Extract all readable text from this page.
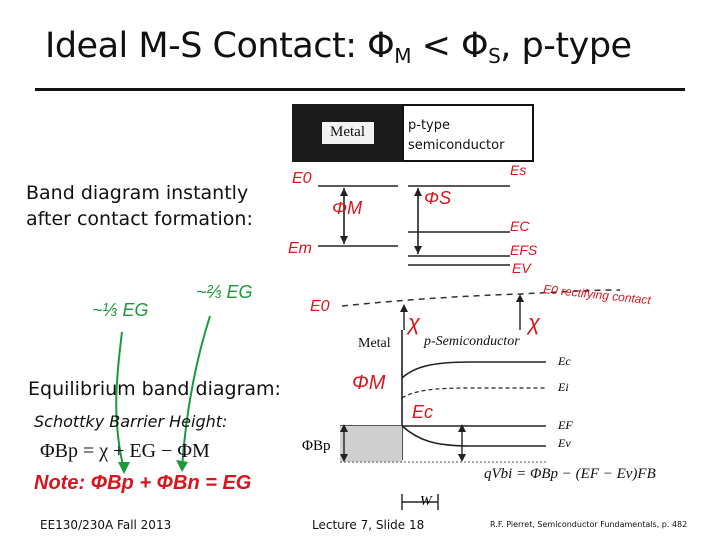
Ideal M-S Contact: $\Phi_M < \Phi_S$, p-type
Metal	p-type
semiconductor
Band diagram instantly
after contact formation:
E0
ΦM	ΦS
Es
Em
EC
EFS
EV
~⅓ EG
~⅔ EG
E0
χ	χ
E0 rectifying contact
Metal p-Semiconductor
Ec
Ei
EF
Ev
ΦBp
W
ΦM
Ec
Equilibrium band diagram:
Schottky Barrier Height:
ΦBp = χ + EG − ΦM
Note: ΦBp + ΦBn = EG	qVbi = ΦBp − (EF − Ev)FB
EE130/230A Fall 2013	Lecture 7, Slide 18	R.F. Pierret, Semiconductor Fundamentals, p. 482
